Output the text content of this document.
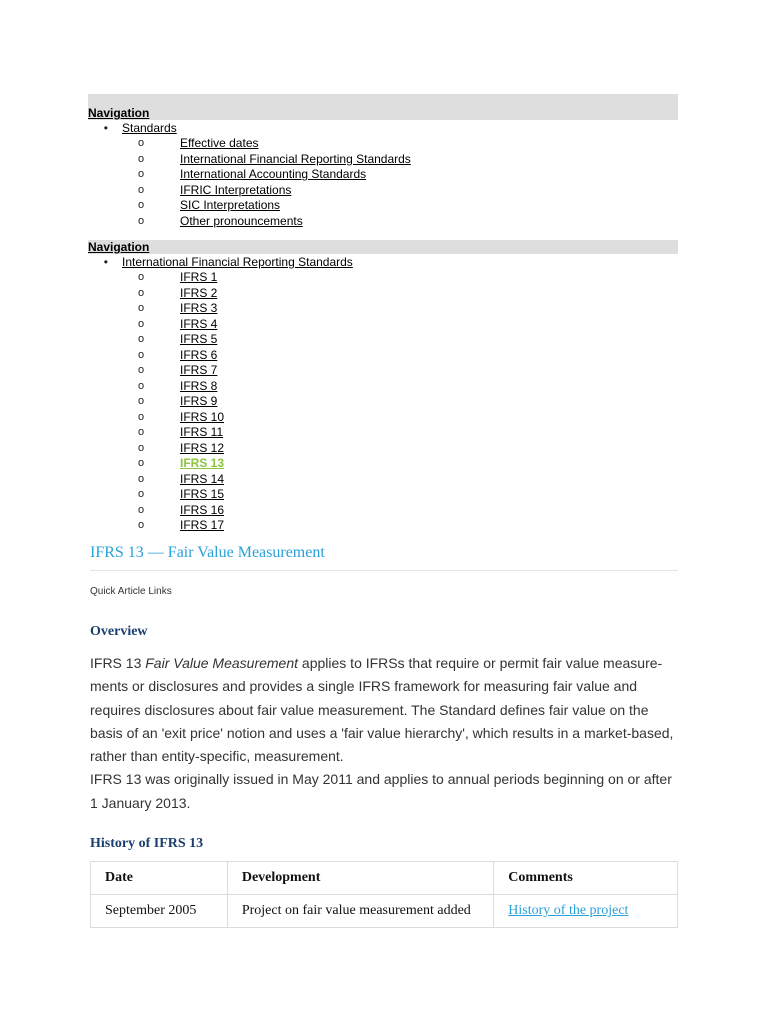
Navigation
•	Standards
o	Effective dates
o	International Financial Reporting Standards
o	International Accounting Standards
o	IFRIC Interpretations
o	SIC Interpretations
o	Other pronouncements
Navigation
•	International Financial Reporting Standards
o	IFRS 1
o	IFRS 2
o	IFRS 3
o	IFRS 4
o	IFRS 5
o	IFRS 6
o	IFRS 7
o	IFRS 8
o	IFRS 9
o	IFRS 10
o	IFRS 11
o	IFRS 12
o	IFRS 13
o	IFRS 14
o	IFRS 15
o	IFRS 16
o	IFRS 17
IFRS 13 — Fair Value Measurement
Quick Article Links
Overview

IFRS 13 Fair Value Measurement applies to IFRSs that require or permit fair value measure-ments or disclosures and provides a single IFRS framework for measuring fair value and requires disclosures about fair value measurement. The Standard defines fair value on the basis of an 'exit price' notion and uses a 'fair value hierarchy', which results in a market-based, rather than entity-specific, measurement.

IFRS 13 was originally issued in May 2011 and applies to annual periods beginning on or after 1 January 2013.

History of IFRS 13
Date	Development	Comments
September 2005	Project on fair value measurement added	History of the project
